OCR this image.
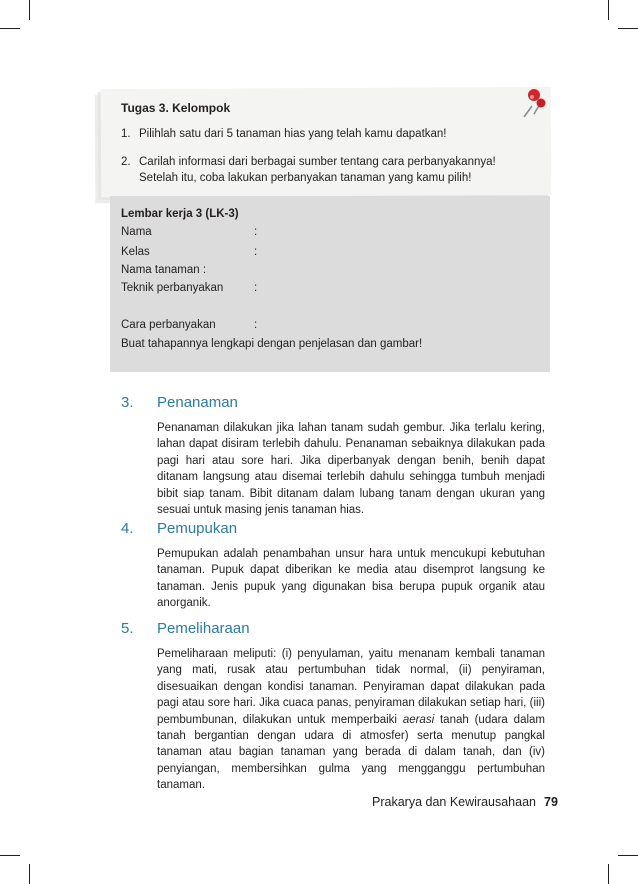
Tugas 3. Kelompok
1. Pilihlah satu dari 5 tanaman hias yang telah kamu dapatkan!
2. Carilah informasi dari berbagai sumber tentang cara perbanyakannya!
Setelah itu, coba lakukan perbanyakan tanaman yang kamu pilih!
Lembar kerja 3 (LK-3)
Nama	:
Kelas	:
Nama tanaman :
Teknik perbanyakan	:
Cara perbanyakan	:
Buat tahapannya lengkapi dengan penjelasan dan gambar!
3. Penanaman

Penanaman dilakukan jika lahan tanam sudah gembur. Jika terlalu kering, lahan dapat disiram terlebih dahulu. Penanaman sebaiknya dilakukan pada pagi hari atau sore hari. Jika diperbanyak dengan benih, benih dapat ditanam langsung atau disemai terlebih dahulu sehingga tumbuh menjadi bibit siap tanam. Bibit ditanam dalam lubang tanam dengan ukuran yang sesuai untuk masing jenis tanaman hias.

4. Pemupukan

Pemupukan adalah penambahan unsur hara untuk mencukupi kebutuhan tanaman. Pupuk dapat diberikan ke media atau disemprot langsung ke tanaman. Jenis pupuk yang digunakan bisa berupa pupuk organik atau anorganik.

5. Pemeliharaan

Pemeliharaan meliputi: (i) penyulaman, yaitu menanam kembali tanaman yang mati, rusak atau pertumbuhan tidak normal, (ii) penyiraman, disesuaikan dengan kondisi tanaman. Penyiraman dapat dilakukan pada pagi atau sore hari. Jika cuaca panas, penyiraman dilakukan setiap hari, (iii) pembumbunan, dilakukan untuk memperbaiki aerasi tanah (udara dalam tanah bergantian dengan udara di atmosfer) serta menutup pangkal tanaman atau bagian tanaman yang berada di dalam tanah, dan (iv) penyiangan, membersihkan gulma yang mengganggu pertumbuhan tanaman.

Prakarya dan Kewirausahaan 79
